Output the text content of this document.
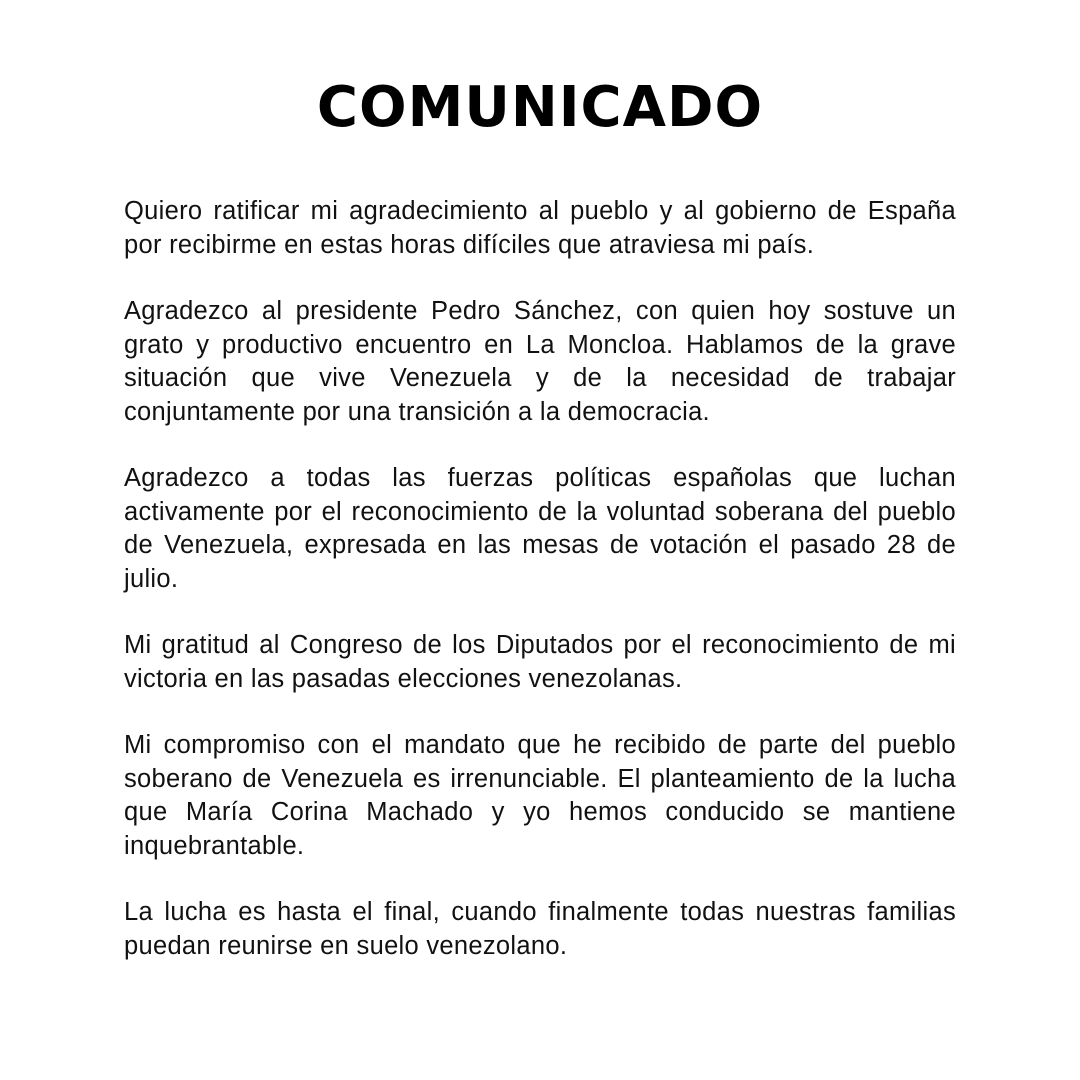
COMUNICADO

Quiero ratificar mi agradecimiento al pueblo y al gobierno de España por recibirme en estas horas difíciles que atraviesa mi país.

Agradezco al presidente Pedro Sánchez, con quien hoy sostuve un grato y productivo encuentro en La Moncloa. Hablamos de la grave situación que vive Venezuela y de la necesidad de trabajar conjuntamente por una transición a la democracia.

Agradezco a todas las fuerzas políticas españolas que luchan activamente por el reconocimiento de la voluntad soberana del pueblo de Venezuela, expresada en las mesas de votación el pasado 28 de julio.

Mi gratitud al Congreso de los Diputados por el reconocimiento de mi victoria en las pasadas elecciones venezolanas.

Mi compromiso con el mandato que he recibido de parte del pueblo soberano de Venezuela es irrenunciable. El planteamiento de la lucha que María Corina Machado y yo hemos conducido se mantiene inquebrantable.

La lucha es hasta el final, cuando finalmente todas nuestras familias puedan reunirse en suelo venezolano.
